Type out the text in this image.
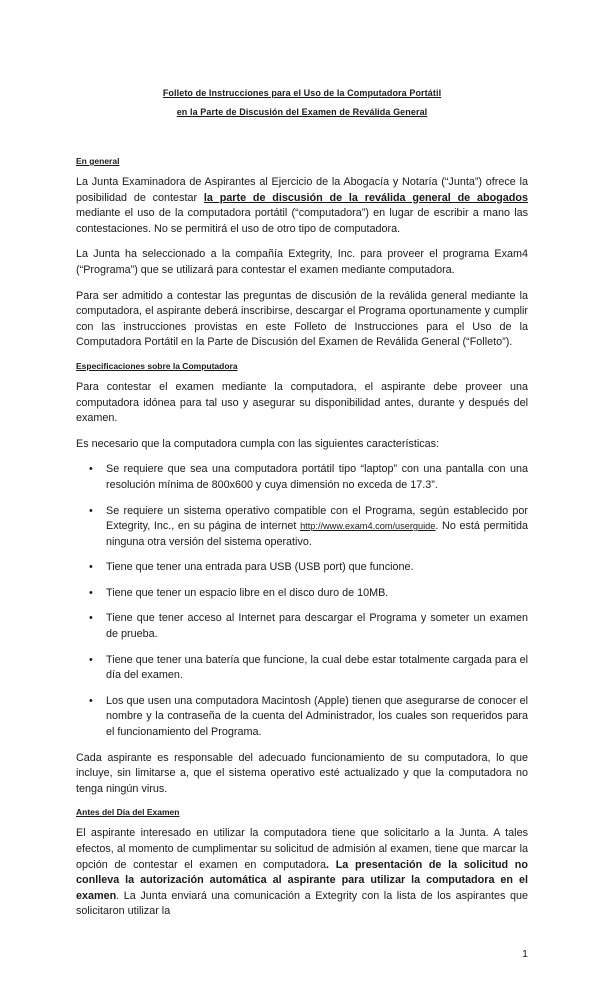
Folleto de Instrucciones para el Uso de la Computadora Portátil
en la Parte de Discusión del Examen de Reválida General

En general

La Junta Examinadora de Aspirantes al Ejercicio de la Abogacía y Notaría (“Junta”) ofrece la posibilidad de contestar la parte de discusión de la reválida general de abogados mediante el uso de la computadora portátil (“computadora”) en lugar de escribir a mano las contestaciones. No se permitirá el uso de otro tipo de computadora.

La Junta ha seleccionado a la compañía Extegrity, Inc. para proveer el programa Exam4 (“Programa”) que se utilizará para contestar el examen mediante computadora.

Para ser admitido a contestar las preguntas de discusión de la reválida general mediante la computadora, el aspirante deberá inscribirse, descargar el Programa oportunamente y cumplir con las instrucciones provistas en este Folleto de Instrucciones para el Uso de la Computadora Portátil en la Parte de Discusión del Examen de Reválida General (“Folleto”).

Especificaciones sobre la Computadora

Para contestar el examen mediante la computadora, el aspirante debe proveer una computadora idónea para tal uso y asegurar su disponibilidad antes, durante y después del examen.

Es necesario que la computadora cumpla con las siguientes características:

• Se requiere que sea una computadora portátil tipo “laptop” con una pantalla con una resolución mínima de 800x600 y cuya dimensión no exceda de 17.3”.
• Se requiere un sistema operativo compatible con el Programa, según establecido por Extegrity, Inc., en su página de internet http://www.exam4.com/userguide. No está permitida ninguna otra versión del sistema operativo.
• Tiene que tener una entrada para USB (USB port) que funcione.
• Tiene que tener un espacio libre en el disco duro de 10MB.
• Tiene que tener acceso al Internet para descargar el Programa y someter un examen de prueba.
• Tiene que tener una batería que funcione, la cual debe estar totalmente cargada para el día del examen.
• Los que usen una computadora Macintosh (Apple) tienen que asegurarse de conocer el nombre y la contraseña de la cuenta del Administrador, los cuales son requeridos para el funcionamiento del Programa.

Cada aspirante es responsable del adecuado funcionamiento de su computadora, lo que incluye, sin limitarse a, que el sistema operativo esté actualizado y que la computadora no tenga ningún virus.

Antes del Día del Examen

El aspirante interesado en utilizar la computadora tiene que solicitarlo a la Junta. A tales efectos, al momento de cumplimentar su solicitud de admisión al examen, tiene que marcar la opción de contestar el examen en computadora. La presentación de la solicitud no conlleva la autorización automática al aspirante para utilizar la computadora en el examen. La Junta enviará una comunicación a Extegrity con la lista de los aspirantes que solicitaron utilizar la

1
